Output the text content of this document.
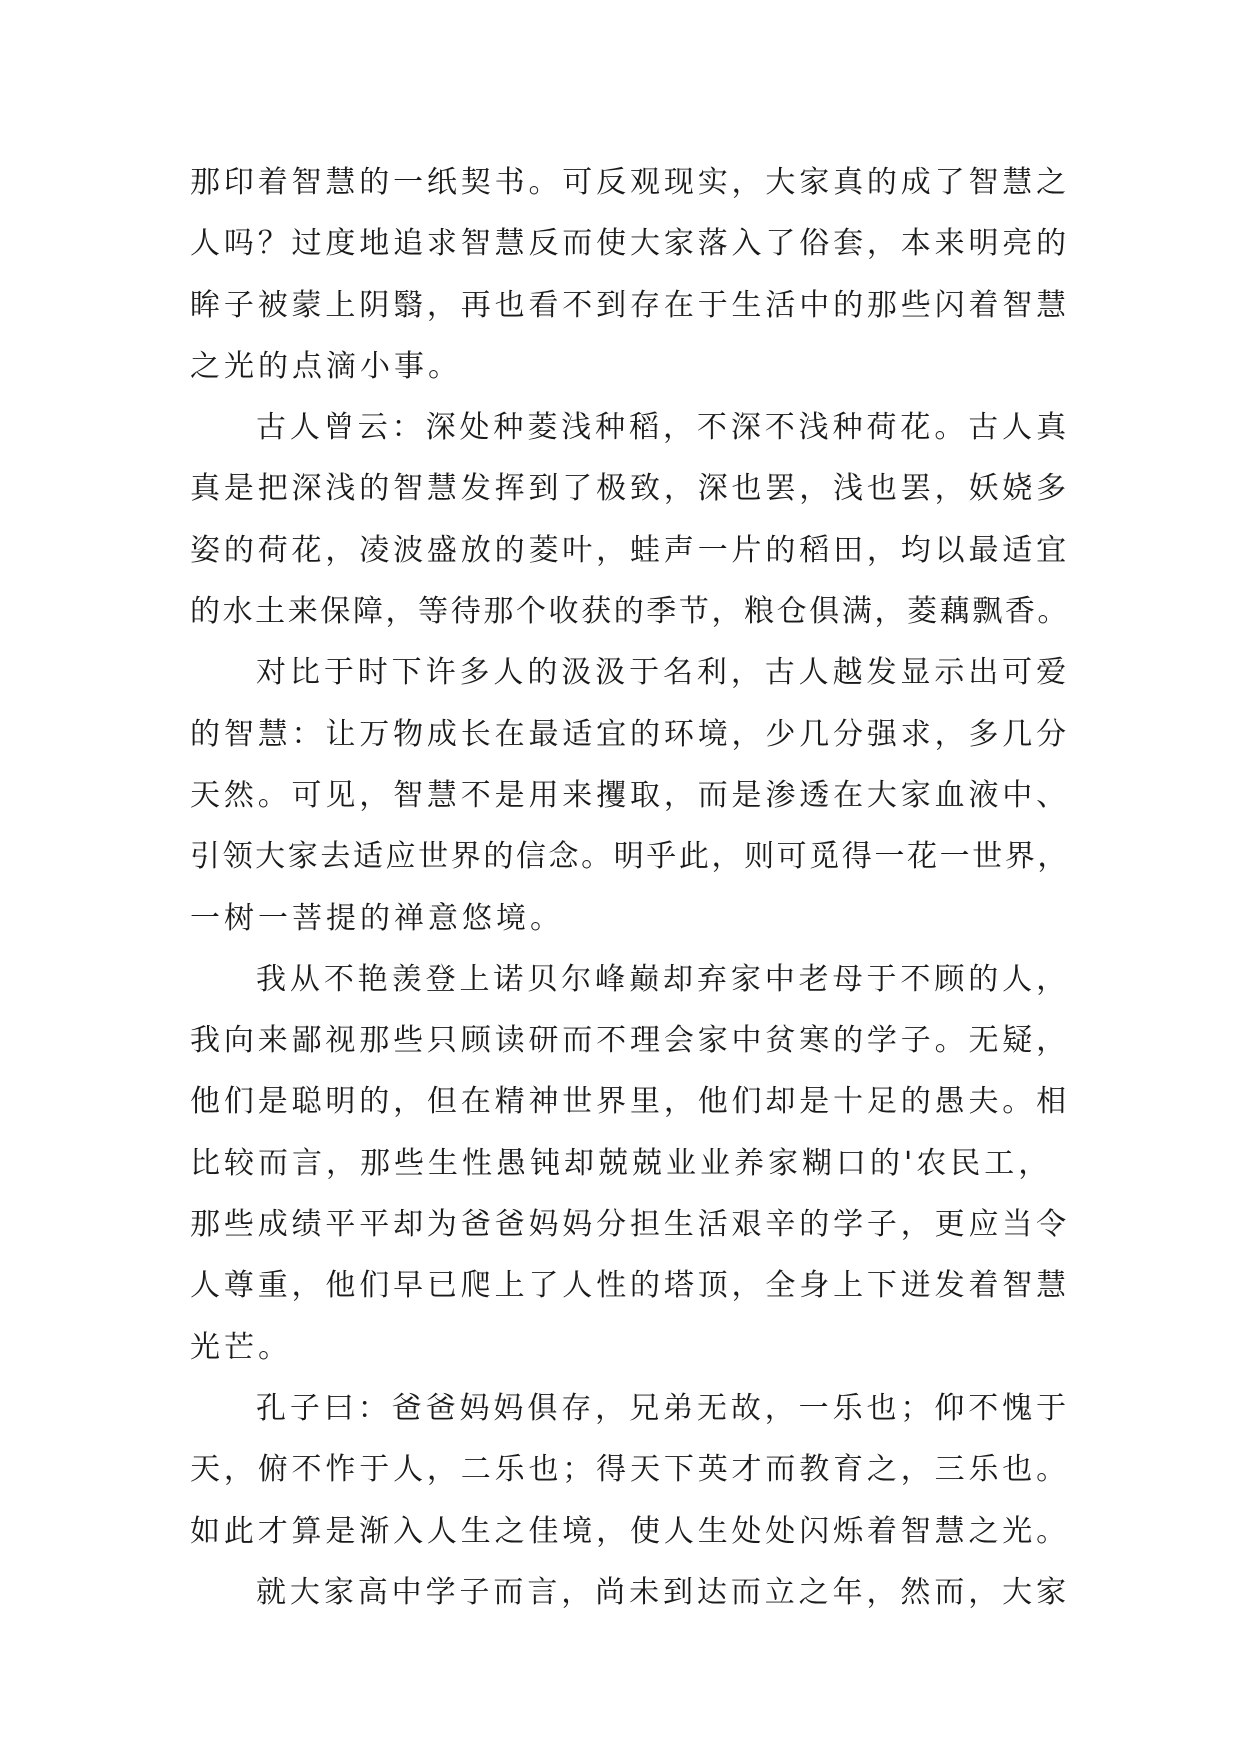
那印着智慧的一纸契书。可反观现实，大家真的成了智慧之
人吗？过度地追求智慧反而使大家落入了俗套，本来明亮的
眸子被蒙上阴翳，再也看不到存在于生活中的那些闪着智慧
之光的点滴小事。
古人曾云：深处种菱浅种稻，不深不浅种荷花。古人真
真是把深浅的智慧发挥到了极致，深也罢，浅也罢，妖娆多
姿的荷花，凌波盛放的菱叶，蛙声一片的稻田，均以最适宜
的水土来保障，等待那个收获的季节，粮仓俱满，菱藕飘香。
对比于时下许多人的汲汲于名利，古人越发显示出可爱
的智慧：让万物成长在最适宜的环境，少几分强求，多几分
天然。可见，智慧不是用来攫取，而是渗透在大家血液中、
引领大家去适应世界的信念。明乎此，则可觅得一花一世界，
一树一菩提的禅意悠境。
我从不艳羡登上诺贝尔峰巅却弃家中老母于不顾的人，
我向来鄙视那些只顾读研而不理会家中贫寒的学子。无疑，
他们是聪明的，但在精神世界里，他们却是十足的愚夫。相
比较而言，那些生性愚钝却兢兢业业养家糊口的'农民工，
那些成绩平平却为爸爸妈妈分担生活艰辛的学子，更应当令
人尊重，他们早已爬上了人性的塔顶，全身上下迸发着智慧
光芒。
孔子曰：爸爸妈妈俱存，兄弟无故，一乐也；仰不愧于
天，俯不怍于人，二乐也；得天下英才而教育之，三乐也。
如此才算是渐入人生之佳境，使人生处处闪烁着智慧之光。
就大家高中学子而言，尚未到达而立之年，然而，大家
